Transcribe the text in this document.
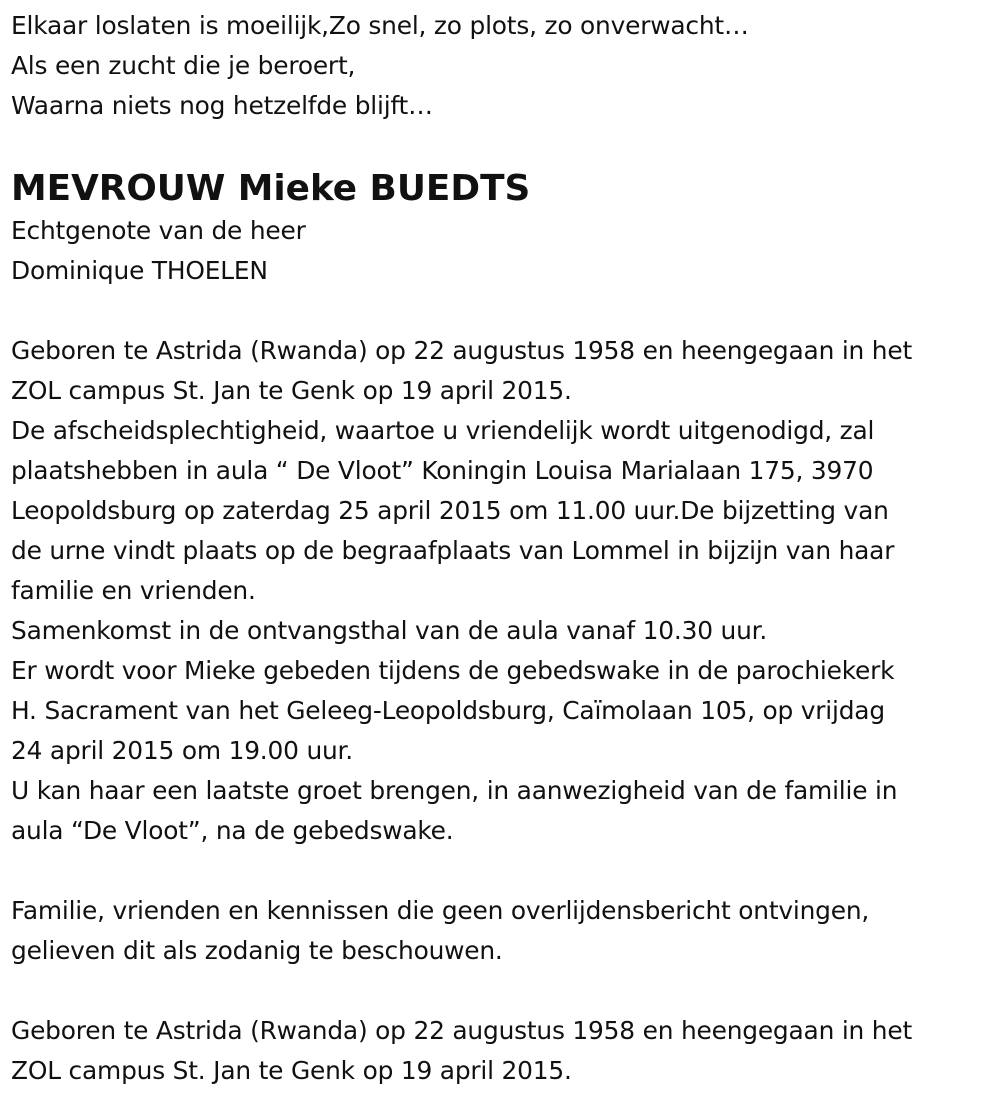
Elkaar loslaten is moeilijk,Zo snel, zo plots, zo onverwacht…
Als een zucht die je beroert,
Waarna niets nog hetzelfde blijft…
MEVROUW Mieke BUEDTS
Echtgenote van de heer
Dominique THOELEN
Geboren te Astrida (Rwanda) op 22 augustus 1958 en heengegaan in het
ZOL campus St. Jan te Genk op 19 april 2015.
De afscheidsplechtigheid, waartoe u vriendelijk wordt uitgenodigd, zal
plaatshebben in aula “ De Vloot” Koningin Louisa Marialaan 175, 3970
Leopoldsburg op zaterdag 25 april 2015 om 11.00 uur.De bijzetting van
de urne vindt plaats op de begraafplaats van Lommel in bijzijn van haar
familie en vrienden.
Samenkomst in de ontvangsthal van de aula vanaf 10.30 uur.
Er wordt voor Mieke gebeden tijdens de gebedswake in de parochiekerk
H. Sacrament van het Geleeg-Leopoldsburg, Caïmolaan 105, op vrijdag
24 april 2015 om 19.00 uur.
U kan haar een laatste groet brengen, in aanwezigheid van de familie in
aula “De Vloot”, na de gebedswake.
Familie, vrienden en kennissen die geen overlijdensbericht ontvingen,
gelieven dit als zodanig te beschouwen.
Geboren te Astrida (Rwanda) op 22 augustus 1958 en heengegaan in het
ZOL campus St. Jan te Genk op 19 april 2015.
